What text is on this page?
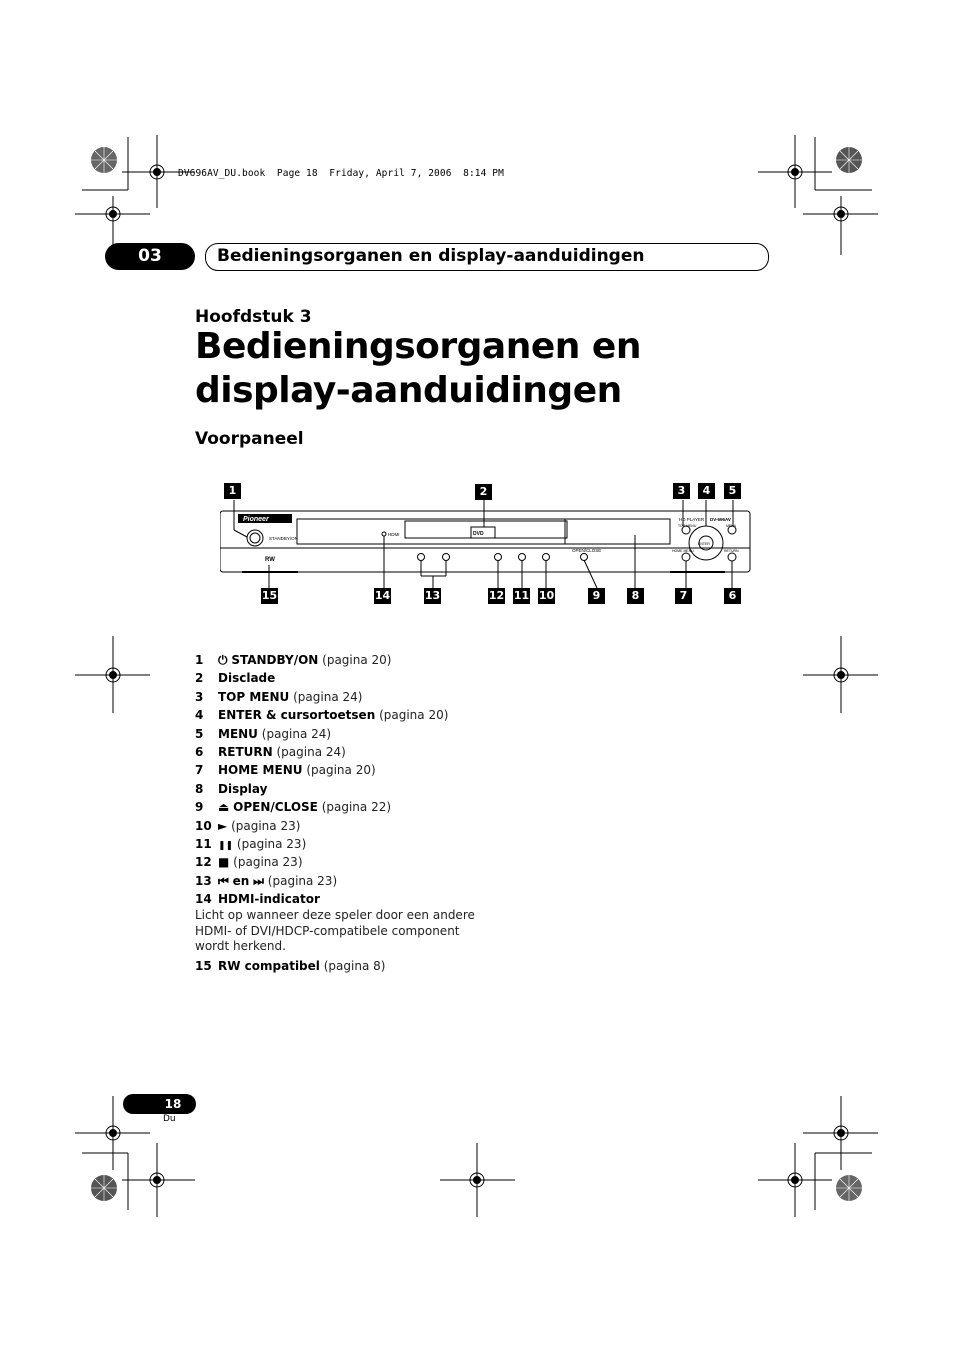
DV696AV_DU.book  Page 18  Friday, April 7, 2006  8:14 PM
03	Bedieningsorganen en display-aanduidingen
Hoofdstuk 3
Bedieningsorganen en display-aanduidingen
Voorpaneel
Pioneer
STANDBY/ON
DVD
HDMI
OPEN/CLOSE
HD PLAYER DV-696AV
TOP MENU	MENU
ENTER
HOME MENU	RETURN
RW
1	2	3	4	5
15	14	13	12 11 10	9	8	7	6
1 ⏻ STANDBY/ON (pagina 20)
2 Disclade
3 TOP MENU (pagina 24)
4 ENTER & cursortoetsen (pagina 20)
5 MENU (pagina 24)
6 RETURN (pagina 24)
7 HOME MENU (pagina 20)
8 Display
9 ⏏ OPEN/CLOSE (pagina 22)
10 ► (pagina 23)
11 ❚❚ (pagina 23)
12 ■ (pagina 23)
13 ⏮ en ⏭ (pagina 23)
14 HDMI-indicator
Licht op wanneer deze speler door een andere HDMI- of DVI/HDCP-compatibele component wordt herkend.
15 RW compatibel (pagina 8)
18
Du
